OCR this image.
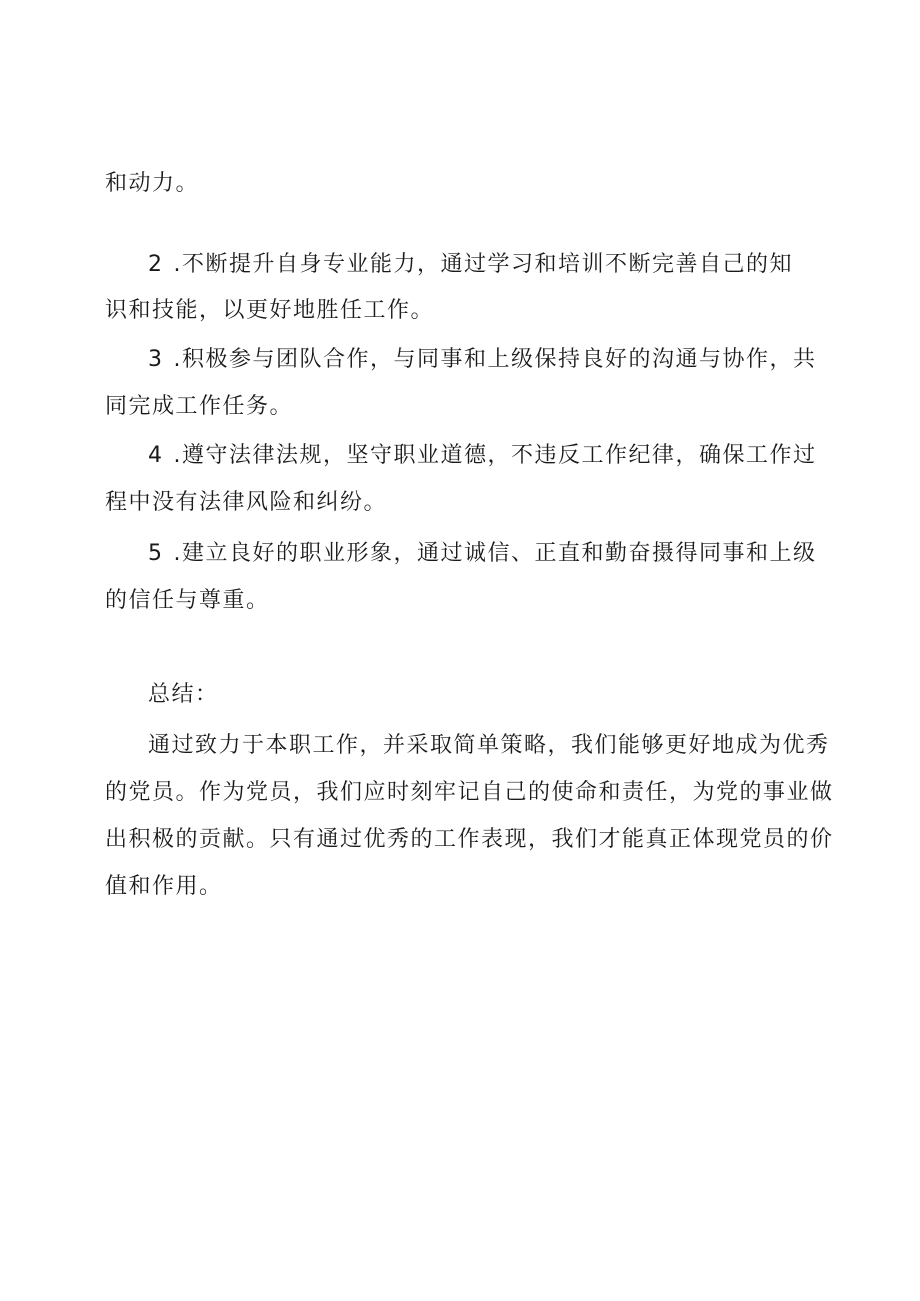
和动力。
2 .不断提升自身专业能力，通过学习和培训不断完善自己的知
识和技能，以更好地胜任工作。
3 .积极参与团队合作，与同事和上级保持良好的沟通与协作，共
同完成工作任务。
4 .遵守法律法规，坚守职业道德，不违反工作纪律，确保工作过
程中没有法律风险和纠纷。
5 .建立良好的职业形象，通过诚信、正直和勤奋摄得同事和上级
的信任与尊重。
总结：
通过致力于本职工作，并采取简单策略，我们能够更好地成为优秀
的党员。作为党员，我们应时刻牢记自己的使命和责任，为党的事业做
出积极的贡献。只有通过优秀的工作表现，我们才能真正体现党员的价
值和作用。
